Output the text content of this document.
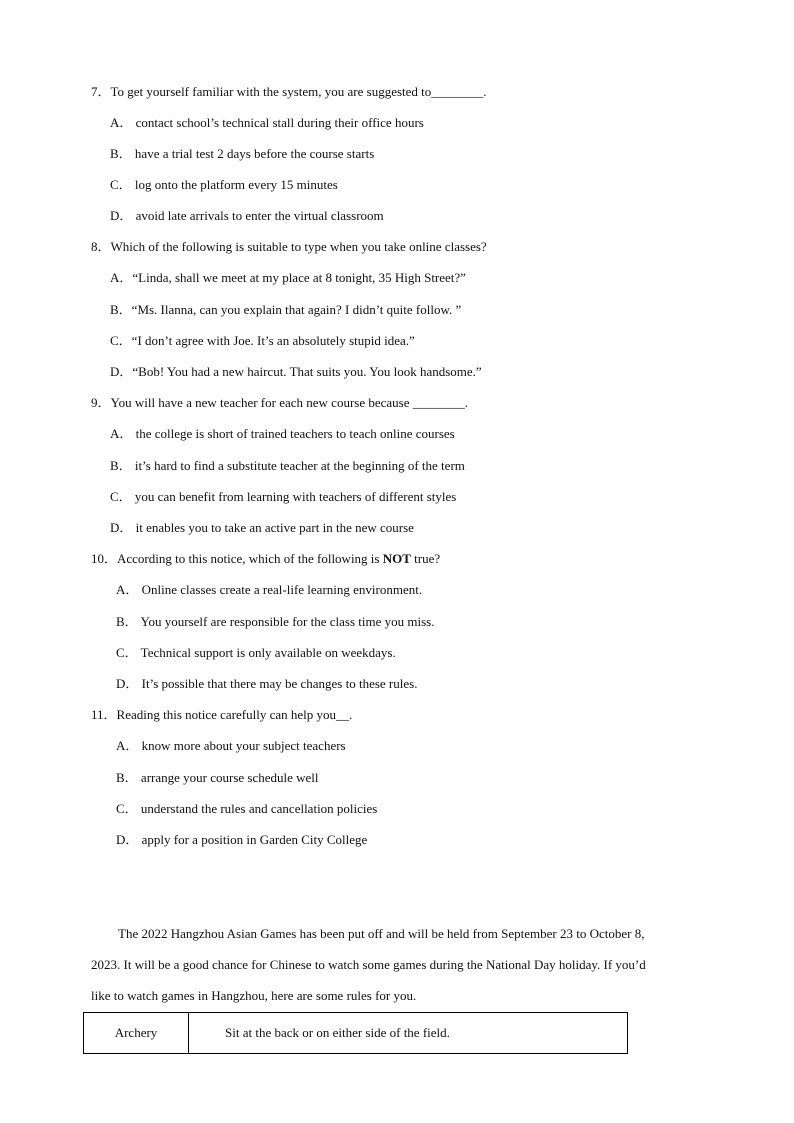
7．To get yourself familiar with the system, you are suggested to________.
A． contact school’s technical stall during their office hours
B． have a trial test 2 days before the course starts
C． log onto the platform every 15 minutes
D． avoid late arrivals to enter the virtual classroom
8．Which of the following is suitable to type when you take online classes?
A．“Linda, shall we meet at my place at 8 tonight, 35 High Street?”
B．“Ms. Ilanna, can you explain that again? I didn’t quite follow. ”
C．“I don’t agree with Joe. It’s an absolutely stupid idea.”
D．“Bob! You had a new haircut. That suits you. You look handsome.”
9．You will have a new teacher for each new course because ________.
A． the college is short of trained teachers to teach online courses
B． it’s hard to find a substitute teacher at the beginning of the term
C． you can benefit from learning with teachers of different styles
D． it enables you to take an active part in the new course
10．According to this notice, which of the following is NOT true?
A． Online classes create a real-life learning environment.
B． You yourself are responsible for the class time you miss.
C． Technical support is only available on weekdays.
D． It’s possible that there may be changes to these rules.
11．Reading this notice carefully can help you__.
A． know more about your subject teachers
B． arrange your course schedule well
C． understand the rules and cancellation policies
D． apply for a position in Garden City College
The 2022 Hangzhou Asian Games has been put off and will be held from September 23 to October 8,
2023. It will be a good chance for Chinese to watch some games during the National Day holiday. If you’d
like to watch games in Hangzhou, here are some rules for you.
Archery	Sit at the back or on either side of the field.
